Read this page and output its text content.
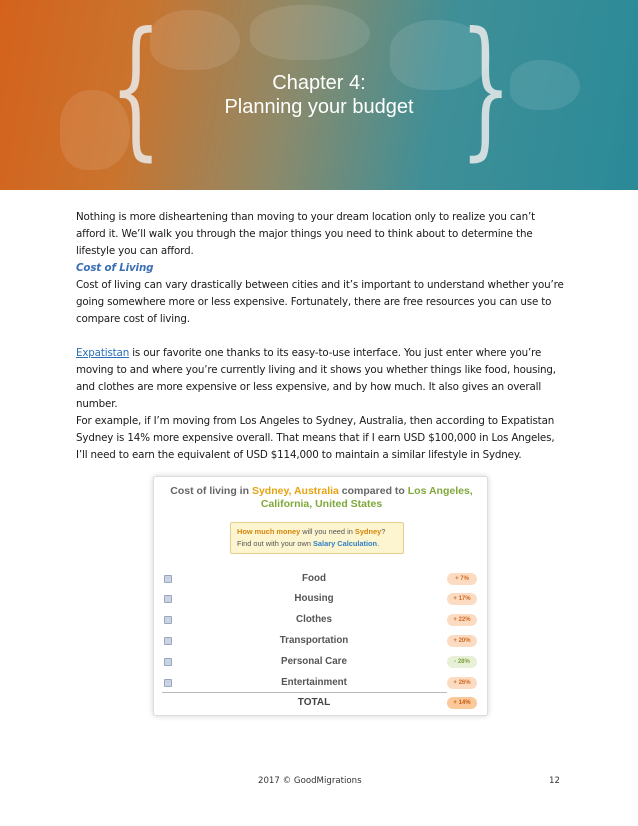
{ }
Chapter 4:
Planning your budget

Nothing is more disheartening than moving to your dream location only to realize you can’t afford it. We’ll walk you through the major things you need to think about to determine the lifestyle you can afford.

Cost of Living
Cost of living can vary drastically between cities and it’s important to understand whether you’re going somewhere more or less expensive. Fortunately, there are free resources you can use to compare cost of living.

Expatistan is our favorite one thanks to its easy-to-use interface. You just enter where you’re moving to and where you’re currently living and it shows you whether things like food, housing, and clothes are more expensive or less expensive, and by how much. It also gives an overall number.

For example, if I’m moving from Los Angeles to Sydney, Australia, then according to Expatistan Sydney is 14% more expensive overall. That means that if I earn USD $100,000 in Los Angeles, I’ll need to earn the equivalent of USD $114,000 to maintain a similar lifestyle in Sydney.

Cost of living in Sydney, Australia compared to Los Angeles, California, United States
How much money will you need in Sydney?
Find out with your own Salary Calculation.
Food	+ 7%
Housing	+ 17%
Clothes	+ 22%
Transportation	+ 20%
Personal Care	- 28%
Entertainment	+ 26%
TOTAL	+ 14%
2017 © GoodMigrations	12
